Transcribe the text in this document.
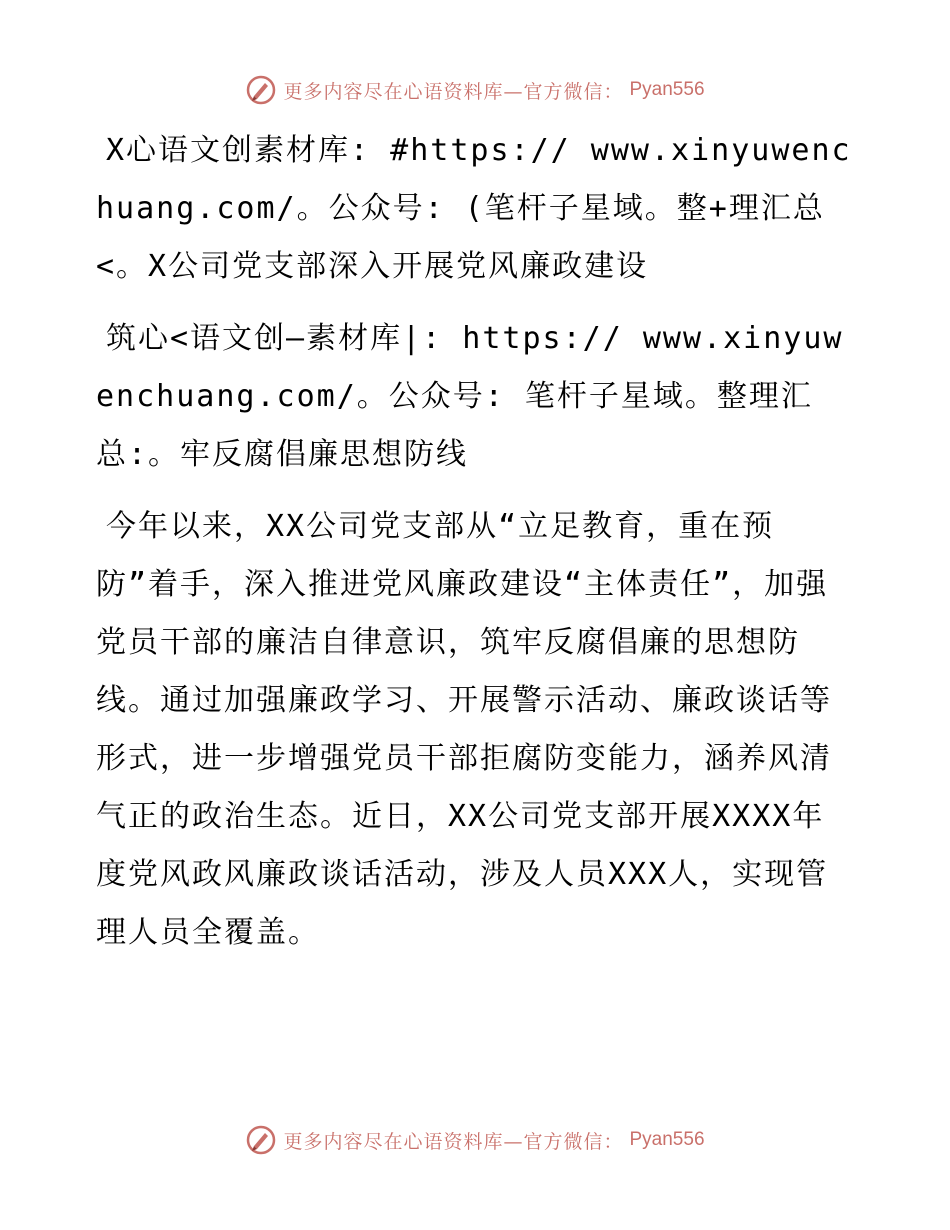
更多内容尽在心语资料库—官方微信： Pyan556

X心语文创素材库: #https:// www.xinyuwenchuang.com/。公众号: (笔杆子星域。整+理汇总<。X公司党支部深入开展党风廉政建设

筑心<语文创—素材库|: https:// www.xinyuwenchuang.com/。公众号: 笔杆子星域。整理汇总:。牢反腐倡廉思想防线

今年以来，XX公司党支部从“立足教育，重在预防”着手，深入推进党风廉政建设“主体责任”，加强党员干部的廉洁自律意识，筑牢反腐倡廉的思想防线。通过加强廉政学习、开展警示活动、廉政谈话等形式，进一步增强党员干部拒腐防变能力，涵养风清气正的政治生态。近日，XX公司党支部开展XXXX年度党风政风廉政谈话活动，涉及人员XXX人，实现管理人员全覆盖。

更多内容尽在心语资料库—官方微信： Pyan556
